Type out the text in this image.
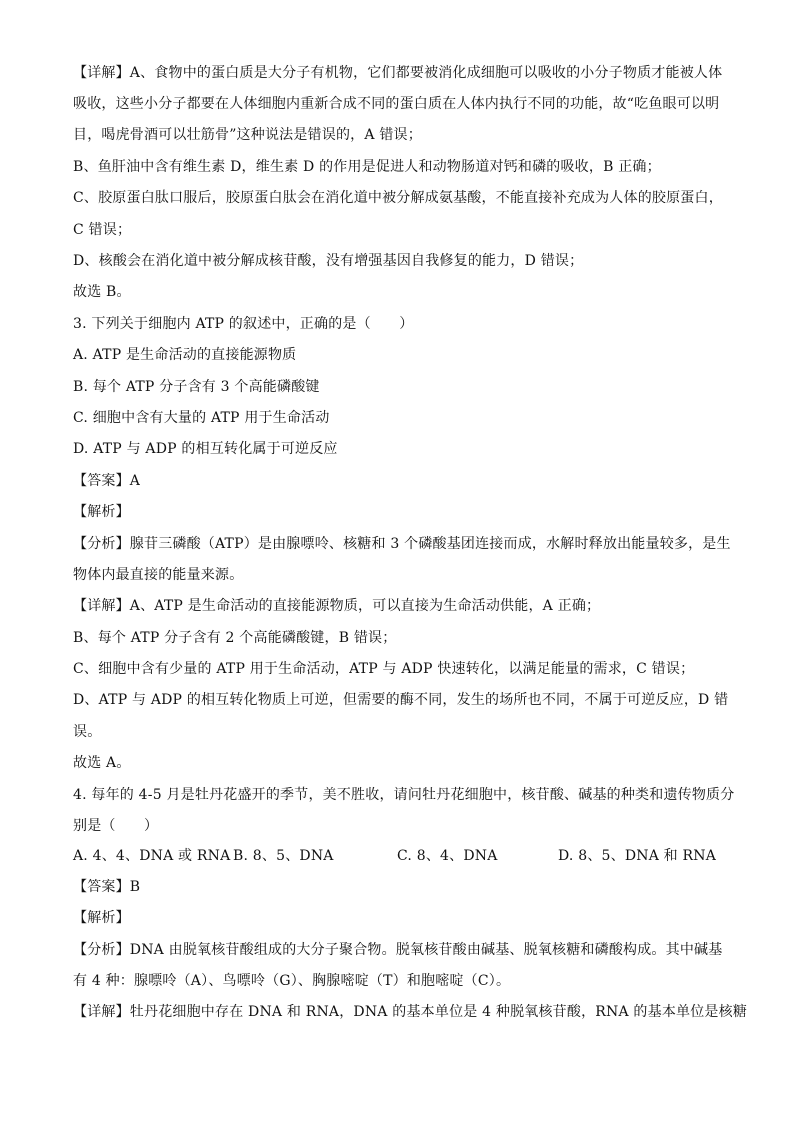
【详解】A、食物中的蛋白质是大分子有机物，它们都要被消化成细胞可以吸收的小分子物质才能被人体
吸收，这些小分子都要在人体细胞内重新合成不同的蛋白质在人体内执行不同的功能，故“吃鱼眼可以明
目，喝虎骨酒可以壮筋骨”这种说法是错误的，A 错误；
B、鱼肝油中含有维生素 D，维生素 D 的作用是促进人和动物肠道对钙和磷的吸收，B 正确；
C、胶原蛋白肽口服后，胶原蛋白肽会在消化道中被分解成氨基酸，不能直接补充成为人体的胶原蛋白，
C 错误；
D、核酸会在消化道中被分解成核苷酸，没有增强基因自我修复的能力，D 错误；
故选 B。
3. 下列关于细胞内 ATP 的叙述中，正确的是（　　）
A. ATP 是生命活动的直接能源物质
B. 每个 ATP 分子含有 3 个高能磷酸键
C. 细胞中含有大量的 ATP 用于生命活动
D. ATP 与 ADP 的相互转化属于可逆反应
【答案】A
【解析】
【分析】腺苷三磷酸（ATP）是由腺嘌呤、核糖和 3 个磷酸基团连接而成，水解时释放出能量较多，是生
物体内最直接的能量来源。
【详解】A、ATP 是生命活动的直接能源物质，可以直接为生命活动供能，A 正确；
B、每个 ATP 分子含有 2 个高能磷酸键，B 错误；
C、细胞中含有少量的 ATP 用于生命活动，ATP 与 ADP 快速转化，以满足能量的需求，C 错误；
D、ATP 与 ADP 的相互转化物质上可逆，但需要的酶不同，发生的场所也不同，不属于可逆反应，D 错
误。
故选 A。
4. 每年的 4-5 月是牡丹花盛开的季节，美不胜收，请问牡丹花细胞中，核苷酸、碱基的种类和遗传物质分
别是（　　）
A. 4、4、DNA 或 RNA B. 8、5、DNA	C. 8、4、DNA	D. 8、5、DNA 和 RNA
【答案】B
【解析】
【分析】DNA 由脱氧核苷酸组成的大分子聚合物。脱氧核苷酸由碱基、脱氧核糖和磷酸构成。其中碱基
有 4 种：腺嘌呤（A）、鸟嘌呤（G）、胸腺嘧啶（T）和胞嘧啶（C）。
【详解】牡丹花细胞中存在 DNA 和 RNA，DNA 的基本单位是 4 种脱氧核苷酸，RNA 的基本单位是核糖
